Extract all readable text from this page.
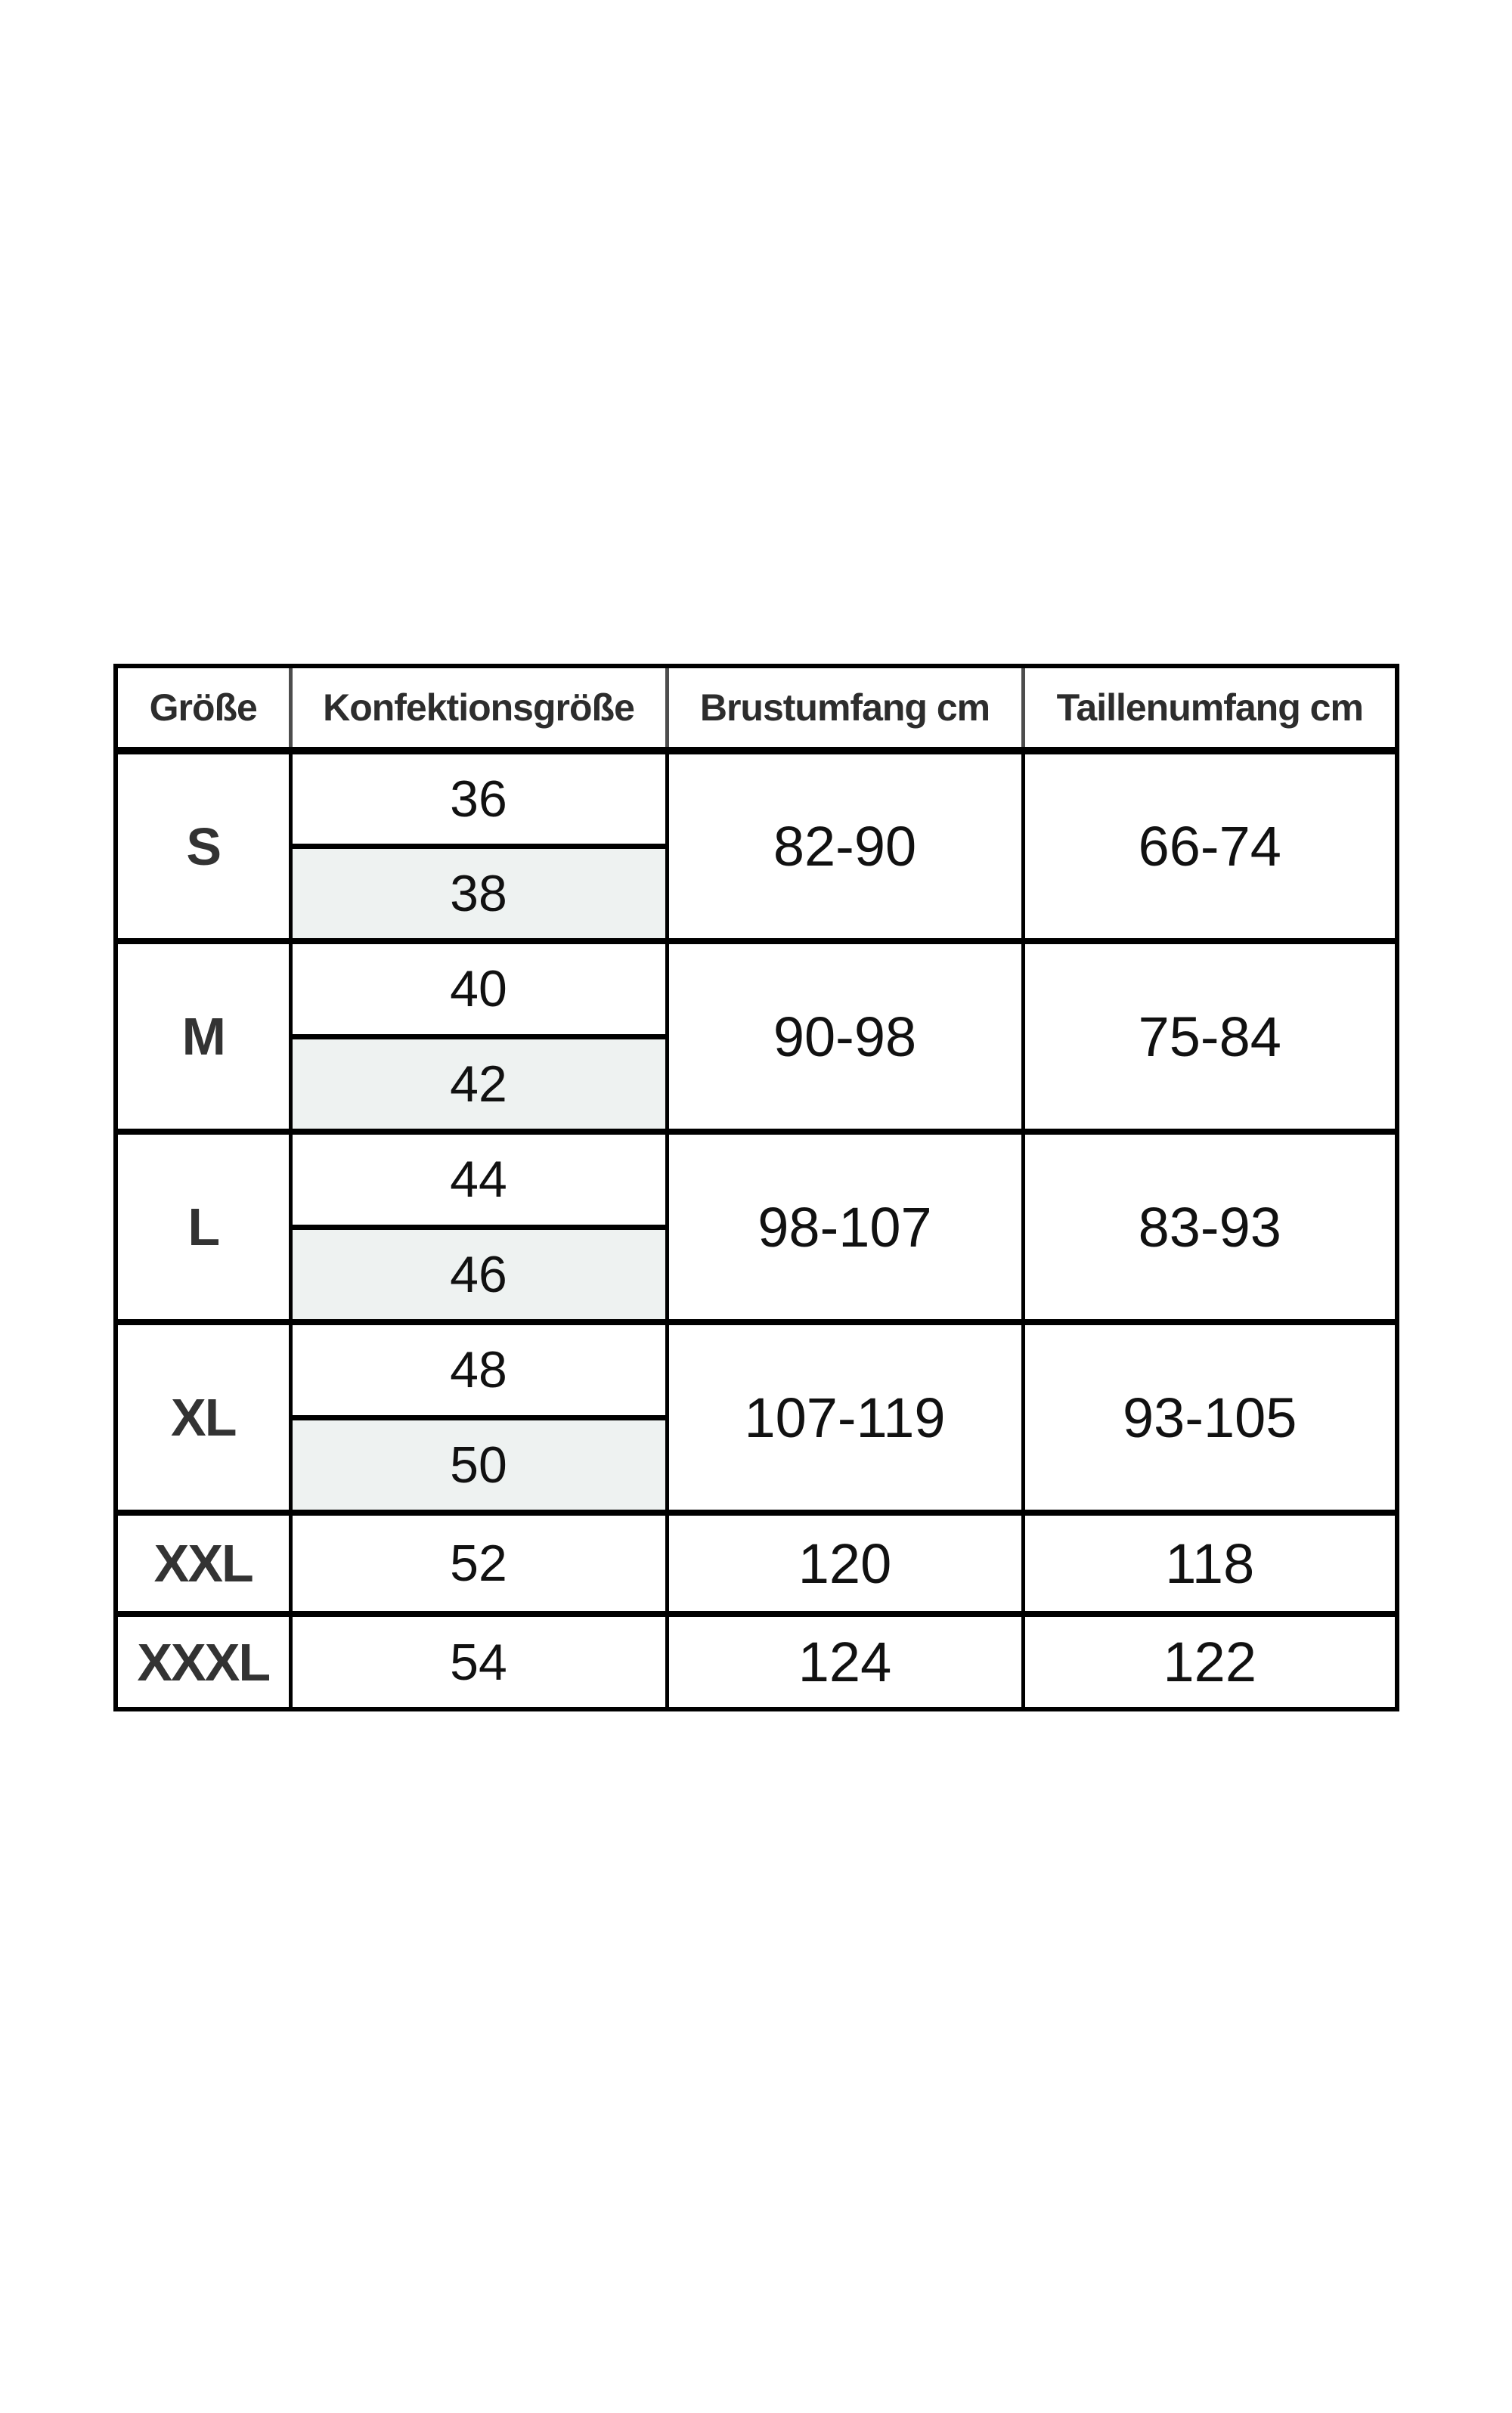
Größe	Konfektionsgröße	Brustumfang cm	Taillenumfang cm
S	36	82-90	66-74
	38		
M	40	90-98	75-84
	42		
L	44	98-107	83-93
	46		
XL	48	107-119	93-105
	50		
XXL	52	120	118
XXXL	54	124	122
